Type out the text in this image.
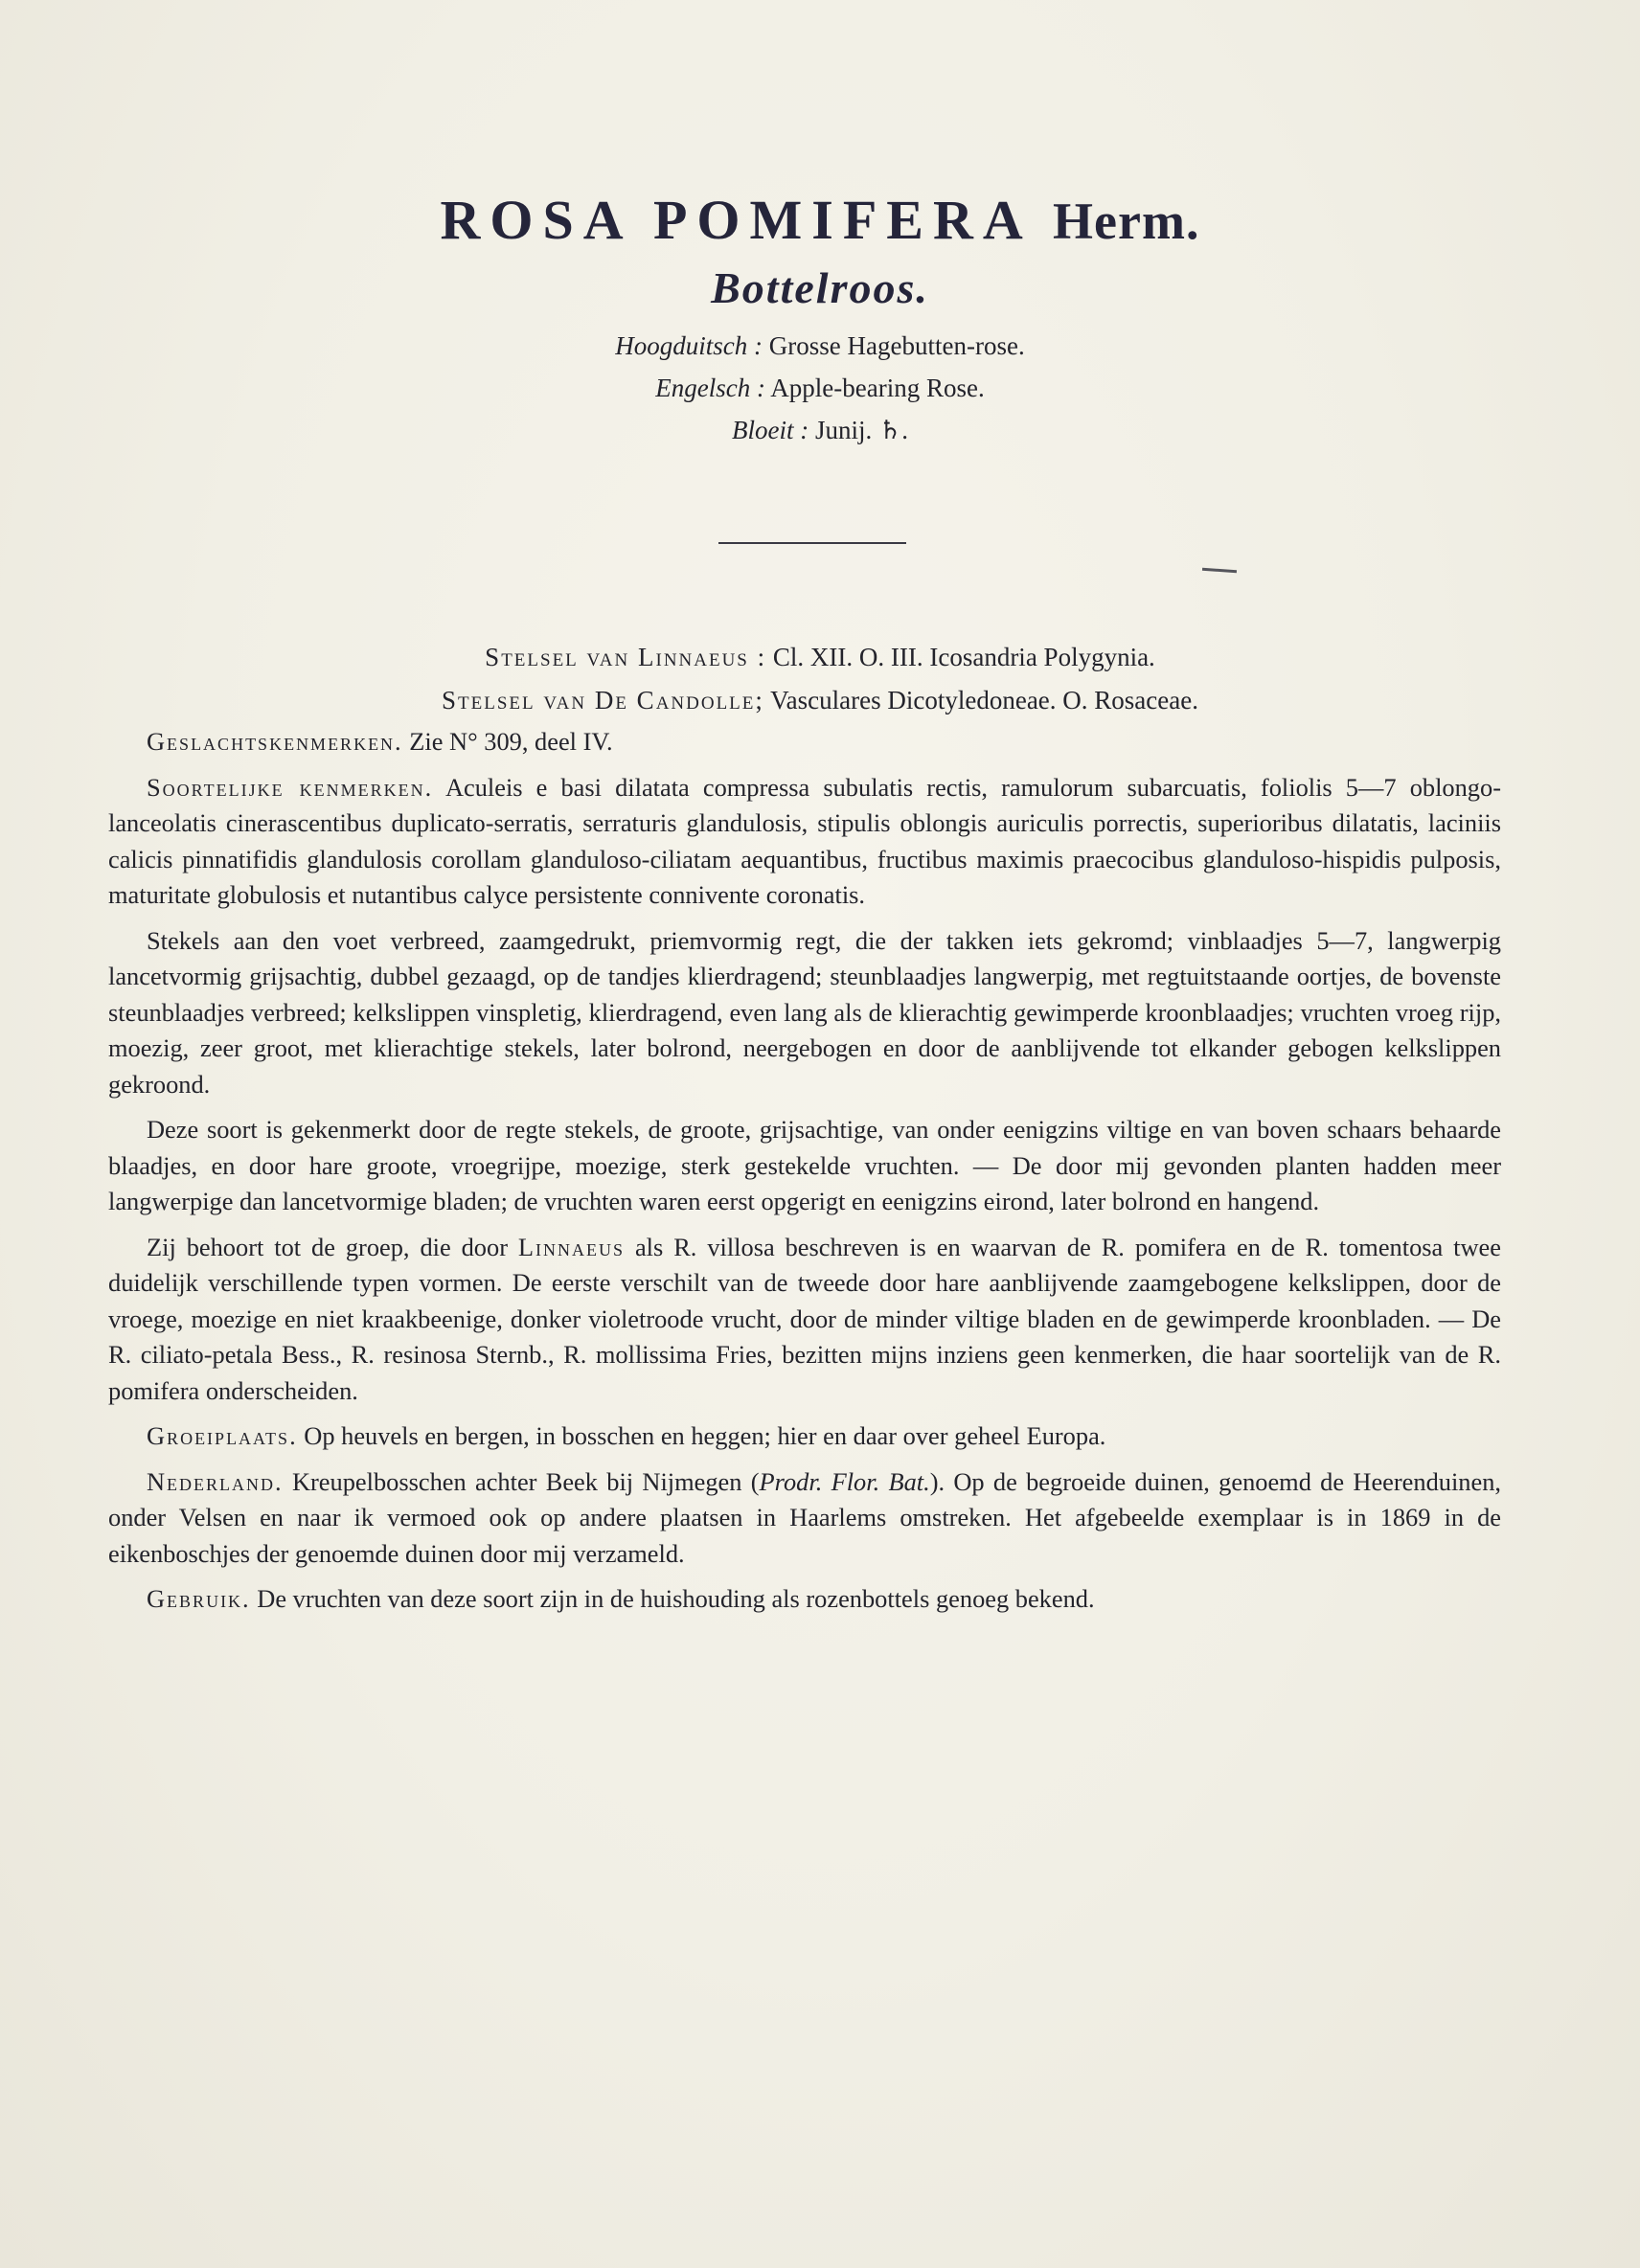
ROSA POMIFERA Herm.
Bottelroos.
Hoogduitsch : Grosse Hagebutten-rose.
Engelsch : Apple-bearing Rose.
Bloeit : Junij. ♄.
Stelsel van Linnaeus : Cl. XII. O. III. Icosandria Polygynia.
Stelsel van De Candolle; Vasculares Dicotyledoneae. O. Rosaceae.

Geslachtskenmerken. Zie N° 309, deel IV.

Soortelijke kenmerken. Aculeis e basi dilatata compressa subulatis rectis, ramulorum subarcuatis, foliolis 5—7 oblongo-lanceolatis cinerascentibus duplicato-serratis, serraturis glandulosis, stipulis oblongis auriculis porrectis, superioribus dilatatis, laciniis calicis pinnatifidis glandulosis corollam glanduloso-ciliatam aequantibus, fructibus maximis praecocibus glanduloso-hispidis pulposis, maturitate globulosis et nutantibus calyce persistente connivente coronatis.

Stekels aan den voet verbreed, zaamgedrukt, priemvormig regt, die der takken iets gekromd; vinblaadjes 5—7, langwerpig lancetvormig grijsachtig, dubbel gezaagd, op de tandjes klierdragend; steunblaadjes langwerpig, met regtuitstaande oortjes, de bovenste steunblaadjes verbreed; kelkslippen vinspletig, klierdragend, even lang als de klierachtig gewimperde kroonblaadjes; vruchten vroeg rijp, moezig, zeer groot, met klierachtige stekels, later bolrond, neergebogen en door de aanblijvende tot elkander gebogen kelkslippen gekroond.

Deze soort is gekenmerkt door de regte stekels, de groote, grijsachtige, van onder eenigzins viltige en van boven schaars behaarde blaadjes, en door hare groote, vroegrijpe, moezige, sterk gestekelde vruchten. — De door mij gevonden planten hadden meer langwerpige dan lancetvormige bladen; de vruchten waren eerst opgerigt en eenigzins eirond, later bolrond en hangend.

Zij behoort tot de groep, die door Linnaeus als R. villosa beschreven is en waarvan de R. pomifera en de R. tomentosa twee duidelijk verschillende typen vormen. De eerste verschilt van de tweede door hare aanblijvende zaamgebogene kelkslippen, door de vroege, moezige en niet kraakbeenige, donker violetroode vrucht, door de minder viltige bladen en de gewimperde kroonbladen. — De R. ciliato-petala Bess., R. resinosa Sternb., R. mollissima Fries, bezitten mijns inziens geen kenmerken, die haar soortelijk van de R. pomifera onderscheiden.

Groeiplaats. Op heuvels en bergen, in bosschen en heggen; hier en daar over geheel Europa.

Nederland. Kreupelbosschen achter Beek bij Nijmegen (Prodr. Flor. Bat.). Op de begroeide duinen, genoemd de Heerenduinen, onder Velsen en naar ik vermoed ook op andere plaatsen in Haarlems omstreken. Het afgebeelde exemplaar is in 1869 in de eikenboschjes der genoemde duinen door mij verzameld.

Gebruik. De vruchten van deze soort zijn in de huishouding als rozenbottels genoeg bekend.
